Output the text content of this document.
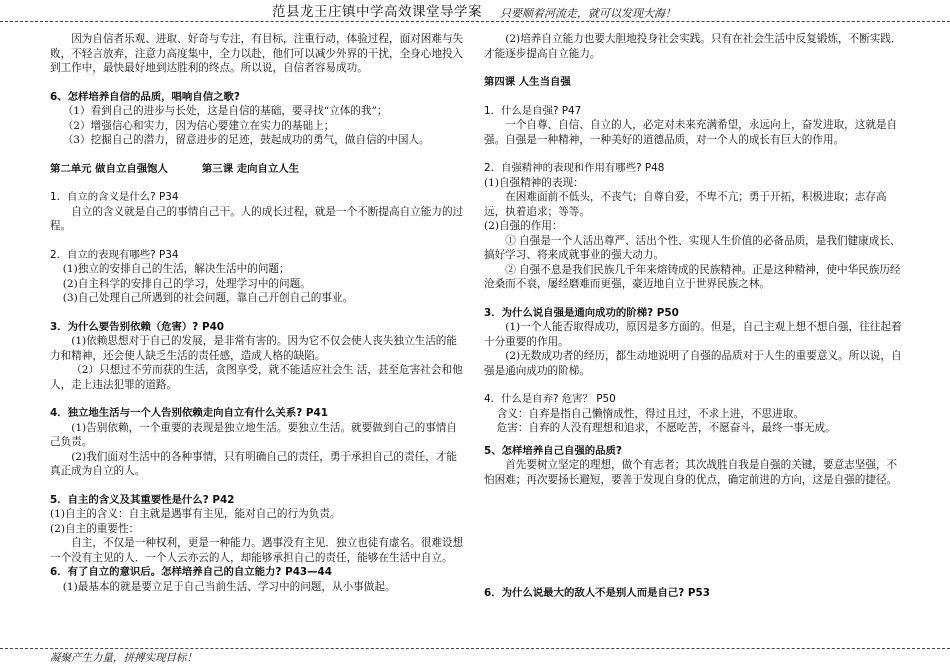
范县龙王庄镇中学高效课堂导学案 只要顺着河流走，就可以发现大海！

因为自信者乐观、进取、好奇与专注，有目标，注重行动，体验过程，面对困难与失败，不轻言放弃，注意力高度集中，全力以赴，他们可以减少外界的干扰，全身心地投入到工作中，最快最好地到达胜利的终点。所以说，自信者容易成功。

6、怎样培养自信的品质，唱响自信之歌?

（1）看到自己的进步与长处，这是自信的基础，要寻找“立体的我”；

（2）增强信心和实力，因为信心要建立在实力的基础上；

（3）挖掘自己的潜力，留意进步的足迹，鼓起成功的勇气，做自信的中国人。

第二单元 做自立自强饱人	第三课 走向自立人生

1．自立的含义是什么? P34

自立的含义就是自己的事情自己干。人的成长过程，就是一个不断提高自立能力的过程。

2．自立的表现有哪些? P34

(1)独立的安排自己的生活，解决生活中的问题；

(2)自主科学的安排自己的学习，处理学习中的问题。

(3)自己处理自己所遇到的社会问题，靠自己开创自己的事业。

3．为什么要告别依赖（危害）? P40

(1)依赖思想对于自己的发展，是非常有害的。因为它不仅会使人丧失独立生活的能力和精神，还会使人缺乏生活的责任感，造成人格的缺陷。

（2）只想过不劳而获的生活，贪图享受，就不能适应社会生 活，甚至危害社会和他人，走上违法犯罪的道路。

4．独立地生活与一个人告别依赖走向自立有什么关系? P41

(1)告别依赖，一个重要的表现是独立地生活。要独立生活。就要做到自己的事情自己负责。

(2)我们面对生活中的各种事情，只有明确自己的责任，勇于承担自己的责任，才能真正成为自立的人。

5．自主的含义及其重要性是什么? P42

(1)自主的含义：自主就是遇事有主见，能对自己的行为负责。

(2)自主的重要性：

自主，不仅是一种权利，更是一种能力。遇事没有主见．独立也徒有虚名。很难设想一个没有主见的人．一个人云亦云的人，却能够承担自己的责任，能够在生活中自立。

6．有了自立的意识后。怎样培养自己的自立能力? P43—44

(1)最基本的就是要立足于自己当前生活、学习中的问题，从小事做起。

(2)培养自立能力也要大胆地投身社会实践。只有在社会生活中反复锻炼，不断实践．才能逐步提高自立能力。

第四课 人生当自强

1．什么是自强? P47

一个自尊、自信、自立的人，必定对未来充满希望，永远向上，奋发进取，这就是自强。自强是一种精神，一种美好的道德品质，对一个人的成长有巨大的作用。

2．自强精神的表现和作用有哪些? P48

(1)自强精神的表现：

在困难面前不低头，不丧气；自尊自爱，不卑不亢；勇于开拓，积极进取；志存高远，执着追求；等等。

(2)自强的作用：

① 自强是一个人活出尊严、活出个性、实现人生价值的必备品质，是我们健康成长、搞好学习、将来成就事业的强大动力。

② 自强不息是我们民族几千年来熔铸成的民族精神。正是这种精神，使中华民族历经沧桑而不衰，屡经磨难而更强，豪迈地自立于世界民族之林。

3．为什么说自强是通向成功的阶梯? P50

(1)一个人能否取得成功，原因是多方面的。但是，自己主观上想不想自强，往往起着十分重要的作用。

(2)无数成功者的经历，都生动地说明了自强的品质对于人生的重要意义。所以说，自强是通向成功的阶梯。

4．什么是自弃? 危害？ P50

含义：自弃是指自己懒惰成性，得过且过，不求上进，不思进取。

危害：自弃的人没有理想和追求，不愿吃苦，不愿奋斗，最终一事无成。

5、怎样培养自己自强的品质?

首先要树立坚定的理想，做个有志者；其次战胜自我是自强的关键，要意志坚强，不怕困难；再次要扬长避短，要善于发现自身的优点，确定前进的方向，这是自强的捷径。

6．为什么说最大的敌人不是别人而是自己? P53

凝聚产生力量，拼搏实现目标！
